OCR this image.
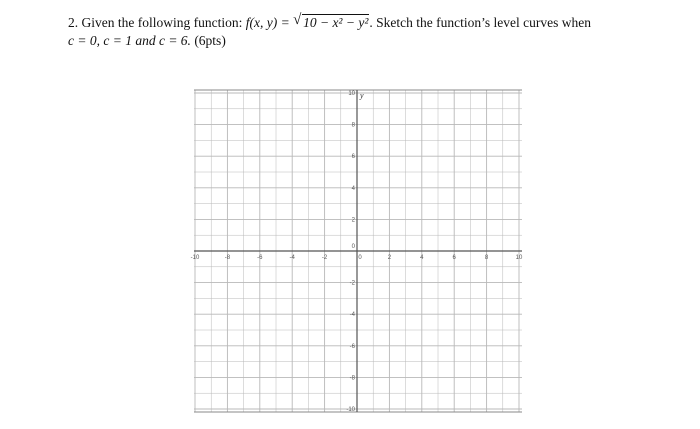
2. Given the following function: f(x, y) = √ 10 − x² − y². Sketch the function’s level curves when
c = 0, c = 1 and c = 6. (6pts)
y
-10	-8	-6	-4	-2	0	2	4	6	8	10
10
8
6
4
2
0
-2
-4
-6
-8
-10
